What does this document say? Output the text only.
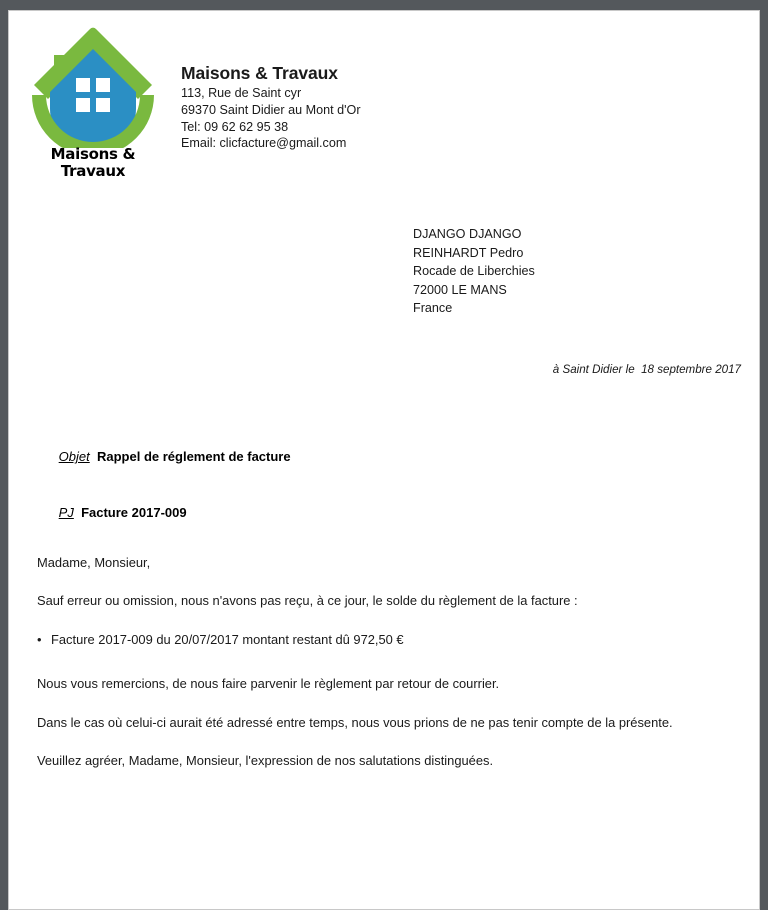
Maisons &
Travaux
Maisons & Travaux
113, Rue de Saint cyr
69370 Saint Didier au Mont d'Or
Tel: 09 62 62 95 38
Email: clicfacture@gmail.com
DJANGO DJANGO
REINHARDT Pedro
Rocade de Liberchies
72000 LE MANS
France
à Saint Didier le  18 septembre 2017

Objet Rappel de réglement de facture

PJ Facture 2017-009

Madame, Monsieur,

Sauf erreur ou omission, nous n'avons pas reçu, à ce jour, le solde du règlement de la facture :

• Facture 2017-009 du 20/07/2017 montant restant dû 972,50 €

Nous vous remercions, de nous faire parvenir le règlement par retour de courrier.

Dans le cas où celui-ci aurait été adressé entre temps, nous vous prions de ne pas tenir compte de la présente.

Veuillez agréer, Madame, Monsieur, l'expression de nos salutations distinguées.
